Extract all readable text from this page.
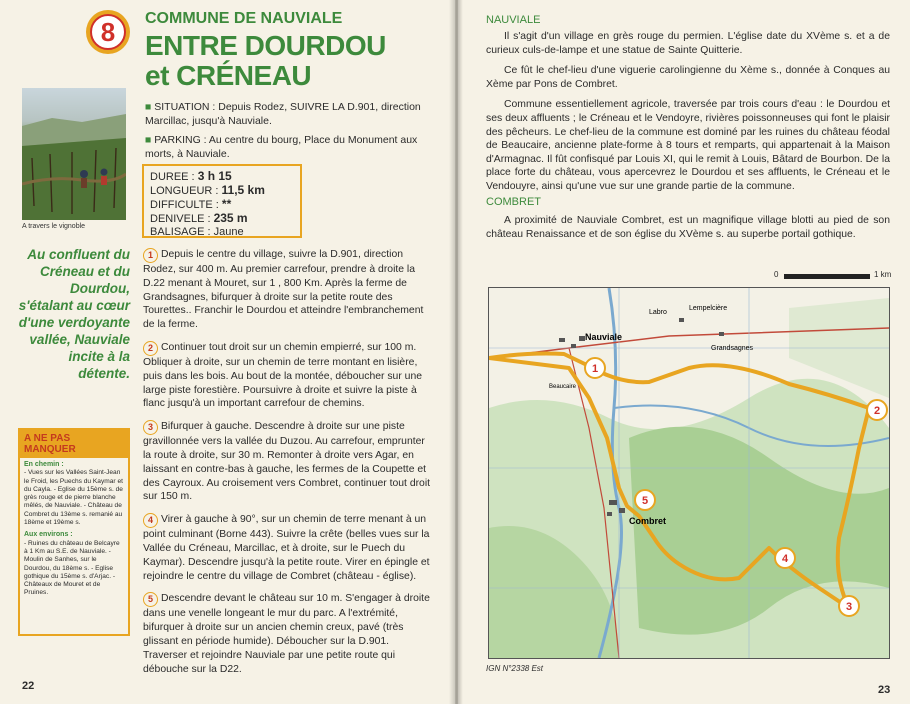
8	COMMUNE DE NAUVIALE
ENTRE DOURDOU
et CRÉNEAU
A travers le vignoble
■ SITUATION : Depuis Rodez, SUIVRE LA D.901, direction Marcillac, jusqu'à Nauviale.
■ PARKING : Au centre du bourg, Place du Monument aux morts, à Nauviale.
DUREE : 3 h 15
LONGUEUR : 11,5 km
DIFFICULTE : **
DENIVELE : 235 m
BALISAGE : Jaune
Au confluent du Créneau et du Dourdou, s'étalant au cœur d'une verdoyante vallée, Nauviale incite à la détente.
A NE PAS MANQUER
En chemin :
- Vues sur les Vallées Saint-Jean le Froid, les Puechs du Kaymar et du Cayla. - Eglise du 15ème s. de grès rouge et de pierre blanche mêlés, de Nauviale. - Château de Combret du 13ème s. remanié au 18ème et 19ème s.
Aux environs :
- Ruines du château de Belcayre à 1 Km au S.E. de Nauviale. - Moulin de Sanhes, sur le Dourdou, du 18ème s. - Eglise gothique du 15ème s. d'Arjac. - Châteaux de Mouret et de Pruines.
1 Depuis le centre du village, suivre la D.901, direction Rodez, sur 400 m. Au premier carrefour, prendre à droite la D.22 menant à Mouret, sur 1 , 800 Km. Après la ferme de Grandsagnes, bifurquer à droite sur la petite route des Tourettes.. Franchir le Dourdou et atteindre l'embranchement de la ferme.
2 Continuer tout droit sur un chemin empierré, sur 100 m. Obliquer à droite, sur un chemin de terre montant en lisière, puis dans les bois. Au bout de la montée, déboucher sur une large piste forestière. Poursuivre à droite et suivre la piste à flanc jusqu'à un important carrefour de chemins.
3 Bifurquer à gauche. Descendre à droite sur une piste gravillonnée vers la vallée du Duzou. Au carrefour, emprunter la route à droite, sur 30 m. Remonter à droite vers Agar, en laissant en contre-bas à gauche, les fermes de la Coupette et des Cayroux. Au croisement vers Combret, continuer tout droit sur 150 m.
4 Virer à gauche à 90°, sur un chemin de terre menant à un point culminant (Borne 443). Suivre la crête (belles vues sur la Vallée du Créneau, Marcillac, et à droite, sur le Puech du Kaymar). Descendre jusqu'à la petite route. Virer en épingle et rejoindre le centre du village de Combret (château - église).
5 Descendre devant le château sur 10 m. S'engager à droite dans une venelle longeant le mur du parc. A l'extrémité, bifurquer à droite sur un ancien chemin creux, pavé (très glissant en période humide). Déboucher sur la D.901. Traverser et rejoindre Nauviale par une petite route qui débouche sur la D22.
22
NAUVIALE

Il s'agit d'un village en grès rouge du permien. L'église date du XVème s. et a de curieux culs-de-lampe et une statue de Sainte Quitterie.

Ce fût le chef-lieu d'une viguerie carolingienne du Xème s., donnée à Conques au Xème par Pons de Combret.

Commune essentiellement agricole, traversée par trois cours d'eau : le Dourdou et ses deux affluents ; le Créneau et le Vendoyre, rivières poissonneuses qui font le plaisir des pêcheurs. Le chef-lieu de la commune est dominé par les ruines du château féodal de Beaucaire, ancienne plate-forme à 8 tours et remparts, qui appartenait à la Maison d'Armagnac. Il fût confisqué par Louis XI, qui le remit à Louis, Bâtard de Bourbon. De la place forte du château, vous apercevrez le Dourdou et ses affluents, le Créneau et le Vendouyre, ainsi qu'une vue sur une grande partie de la commune.

COMBRET

A proximité de Nauviale Combret, est un magnifique village blotti au pied de son château Renaissance et de son église du XVème s. au superbe portail gothique.

0	1 km
Nauviale
Combret
Grandsagnes
Labro
Lempelcière
Beaucaire
1
2
3
4
5
IGN N°2338 Est
23
